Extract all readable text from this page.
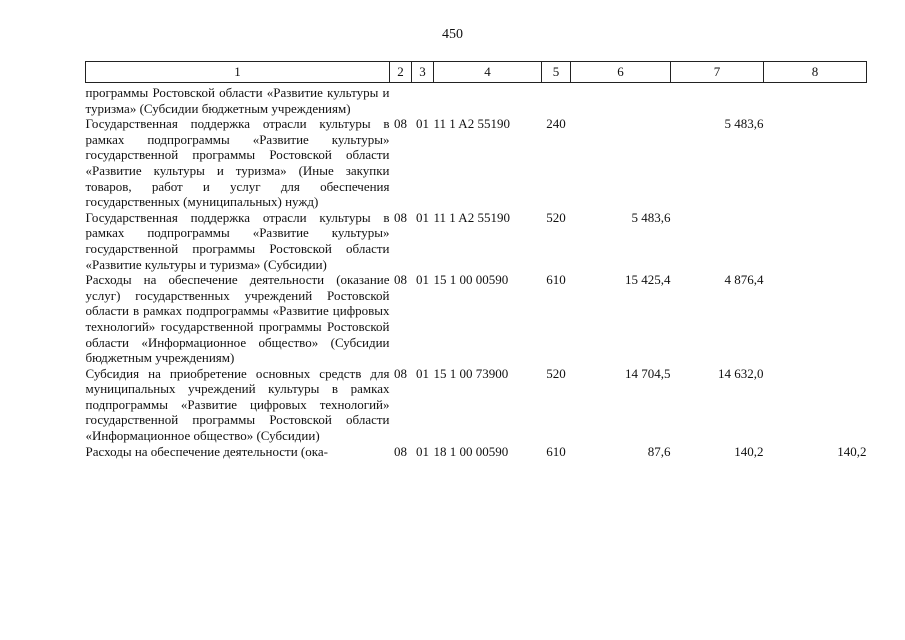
450
1	2	3	4	5	6	7	8
программы Ростовской области «Развитие культуры и туризма» (Субсидии бюджетным учреждениям)							
Государственная поддержка отрасли культуры в рамках подпрограммы «Развитие культуры» государственной программы Ростовской области «Развитие культуры и туризма» (Иные закупки товаров, работ и услуг для обеспечения государственных (муниципальных) нужд)	08	01	11 1 A2 55190	240		5 483,6	
Государственная поддержка отрасли культуры в рамках подпрограммы «Развитие культуры» государственной программы Ростовской области «Развитие культуры и туризма» (Субсидии)	08	01	11 1 A2 55190	520	5 483,6		
Расходы на обеспечение деятельности (оказание услуг) государственных учреждений Ростовской области в рамках подпрограммы «Развитие цифровых технологий» государственной программы Ростовской области «Информационное общество» (Субсидии бюджетным учреждениям)	08	01	15 1 00 00590	610	15 425,4	4 876,4	
Субсидия на приобретение основных средств для муниципальных учреждений культуры в рамках подпрограммы «Развитие цифровых технологий» государственной программы Ростовской области «Информационное общество» (Субсидии)	08	01	15 1 00 73900	520	14 704,5	14 632,0	
Расходы на обеспечение деятельности (ока-	08	01	18 1 00 00590	610	87,6	140,2	140,2
